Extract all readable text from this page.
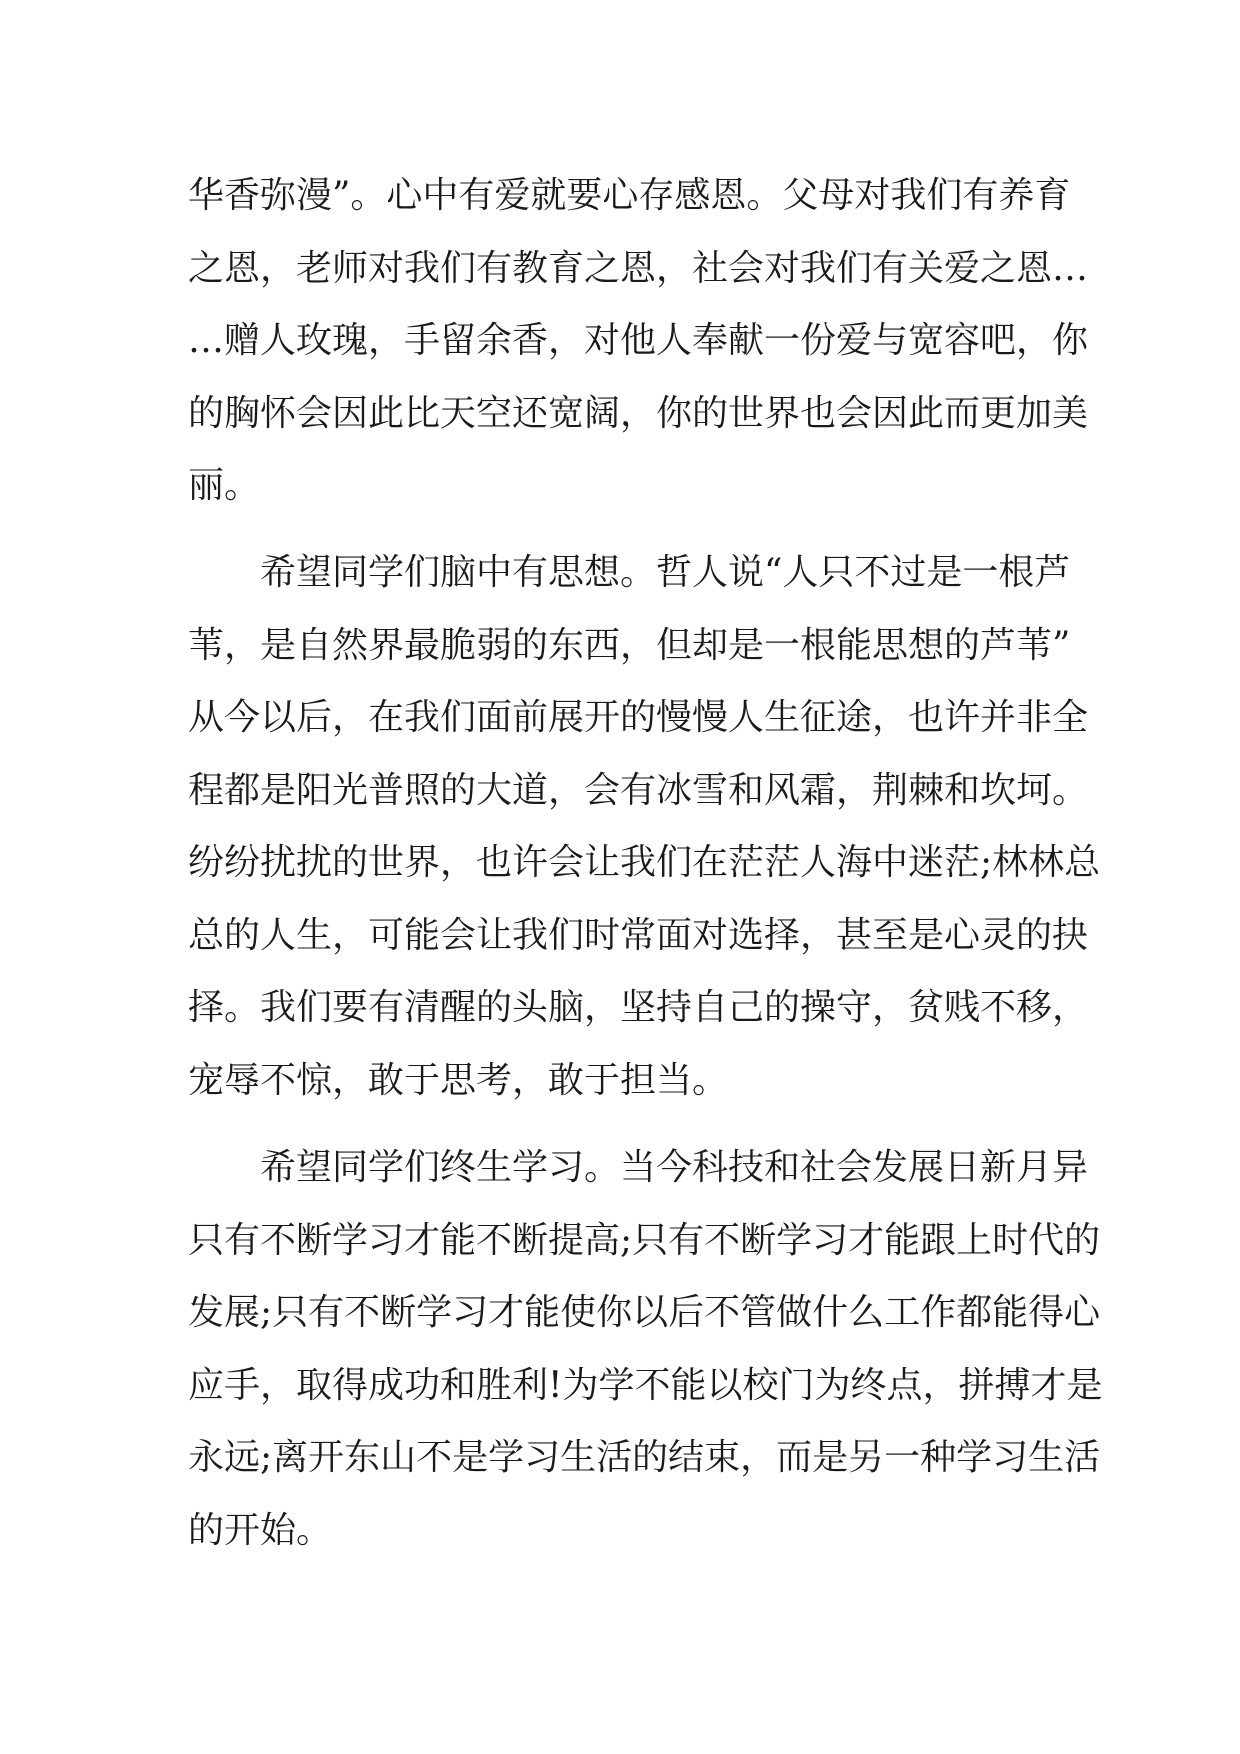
华香弥漫”。心中有爱就要心存感恩。父母对我们有养育
之恩，老师对我们有教育之恩，社会对我们有关爱之恩…
…赠人玫瑰，手留余香，对他人奉献一份爱与宽容吧，你
的胸怀会因此比天空还宽阔，你的世界也会因此而更加美
丽。
希望同学们脑中有思想。哲人说“人只不过是一根芦
苇，是自然界最脆弱的东西，但却是一根能思想的芦苇”
从今以后，在我们面前展开的慢慢人生征途，也许并非全
程都是阳光普照的大道，会有冰雪和风霜，荆棘和坎坷。
纷纷扰扰的世界，也许会让我们在茫茫人海中迷茫;林林总
总的人生，可能会让我们时常面对选择，甚至是心灵的抉
择。我们要有清醒的头脑，坚持自己的操守，贫贱不移，
宠辱不惊，敢于思考，敢于担当。
希望同学们终生学习。当今科技和社会发展日新月异
只有不断学习才能不断提高;只有不断学习才能跟上时代的
发展;只有不断学习才能使你以后不管做什么工作都能得心
应手，取得成功和胜利!为学不能以校门为终点，拼搏才是
永远;离开东山不是学习生活的结束，而是另一种学习生活
的开始。
